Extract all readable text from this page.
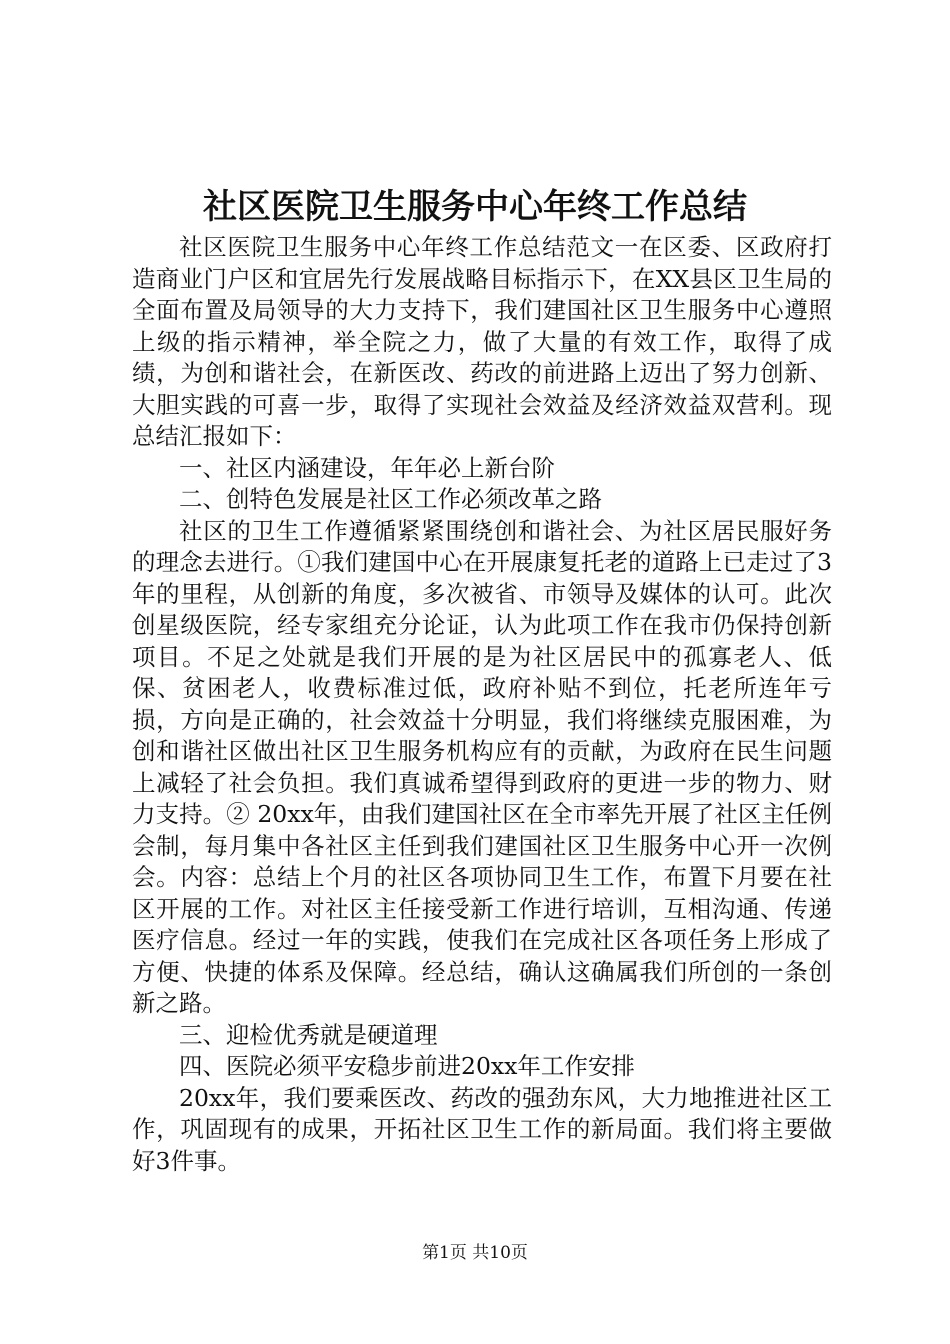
社区医院卫生服务中心年终工作总结

社区医院卫生服务中心年终工作总结范文一在区委、区政府打造商业门户区和宜居先行发展战略目标指示下，在XX县区卫生局的全面布置及局领导的大力支持下，我们建国社区卫生服务中心遵照上级的指示精神，举全院之力，做了大量的有效工作，取得了成绩，为创和谐社会，在新医改、药改的前进路上迈出了努力创新、大胆实践的可喜一步，取得了实现社会效益及经济效益双营利。现总结汇报如下：

一、社区内涵建设，年年必上新台阶

二、创特色发展是社区工作必须改革之路

社区的卫生工作遵循紧紧围绕创和谐社会、为社区居民服好务的理念去进行。①我们建国中心在开展康复托老的道路上已走过了3年的里程，从创新的角度，多次被省、市领导及媒体的认可。此次创星级医院，经专家组充分论证，认为此项工作在我市仍保持创新项目。不足之处就是我们开展的是为社区居民中的孤寡老人、低保、贫困老人，收费标准过低，政府补贴不到位，托老所连年亏损，方向是正确的，社会效益十分明显，我们将继续克服困难，为创和谐社区做出社区卫生服务机构应有的贡献，为政府在民生问题上减轻了社会负担。我们真诚希望得到政府的更进一步的物力、财力支持。② 20xx年，由我们建国社区在全市率先开展了社区主任例会制，每月集中各社区主任到我们建国社区卫生服务中心开一次例会。内容：总结上个月的社区各项协同卫生工作，布置下月要在社区开展的工作。对社区主任接受新工作进行培训，互相沟通、传递医疗信息。经过一年的实践，使我们在完成社区各项任务上形成了方便、快捷的体系及保障。经总结，确认这确属我们所创的一条创新之路。

三、迎检优秀就是硬道理

四、医院必须平安稳步前进20xx年工作安排

20xx年，我们要乘医改、药改的强劲东风，大力地推进社区工作，巩固现有的成果，开拓社区卫生工作的新局面。我们将主要做好3件事。

第1页 共10页
